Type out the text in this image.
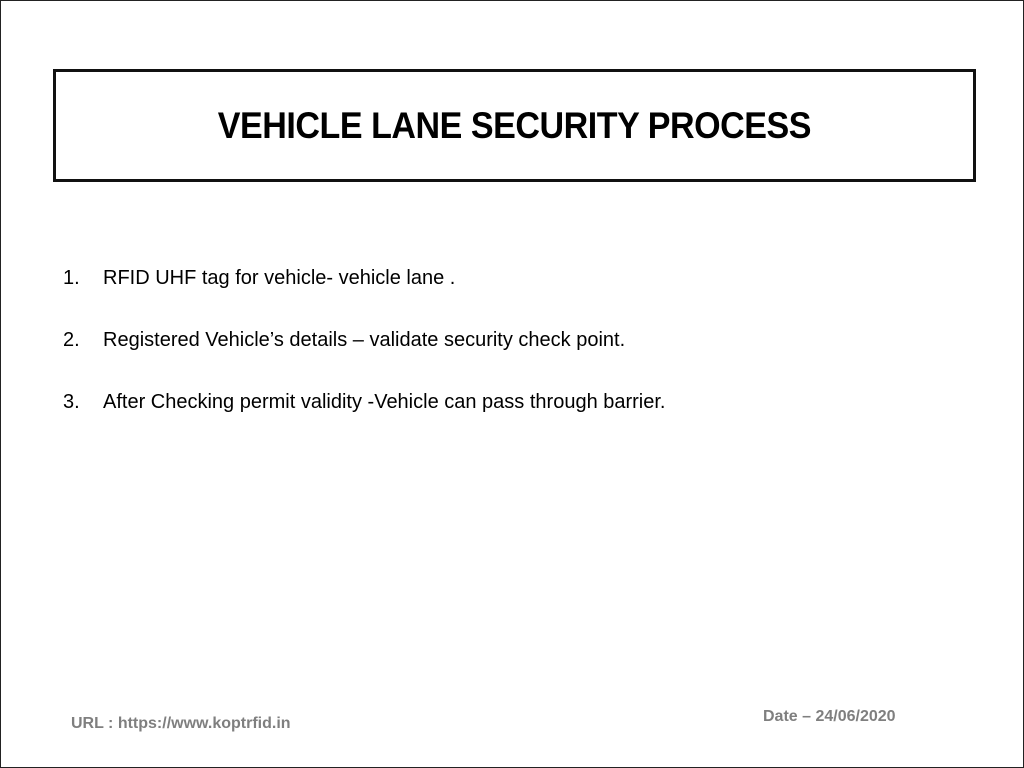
VEHICLE LANE SECURITY PROCESS
1.	RFID UHF tag for vehicle- vehicle lane .
2.	Registered Vehicle’s details – validate security check point.
3.	After Checking permit validity -Vehicle can pass through barrier.
URL : https://www.koptrfid.in	Date – 24/06/2020
